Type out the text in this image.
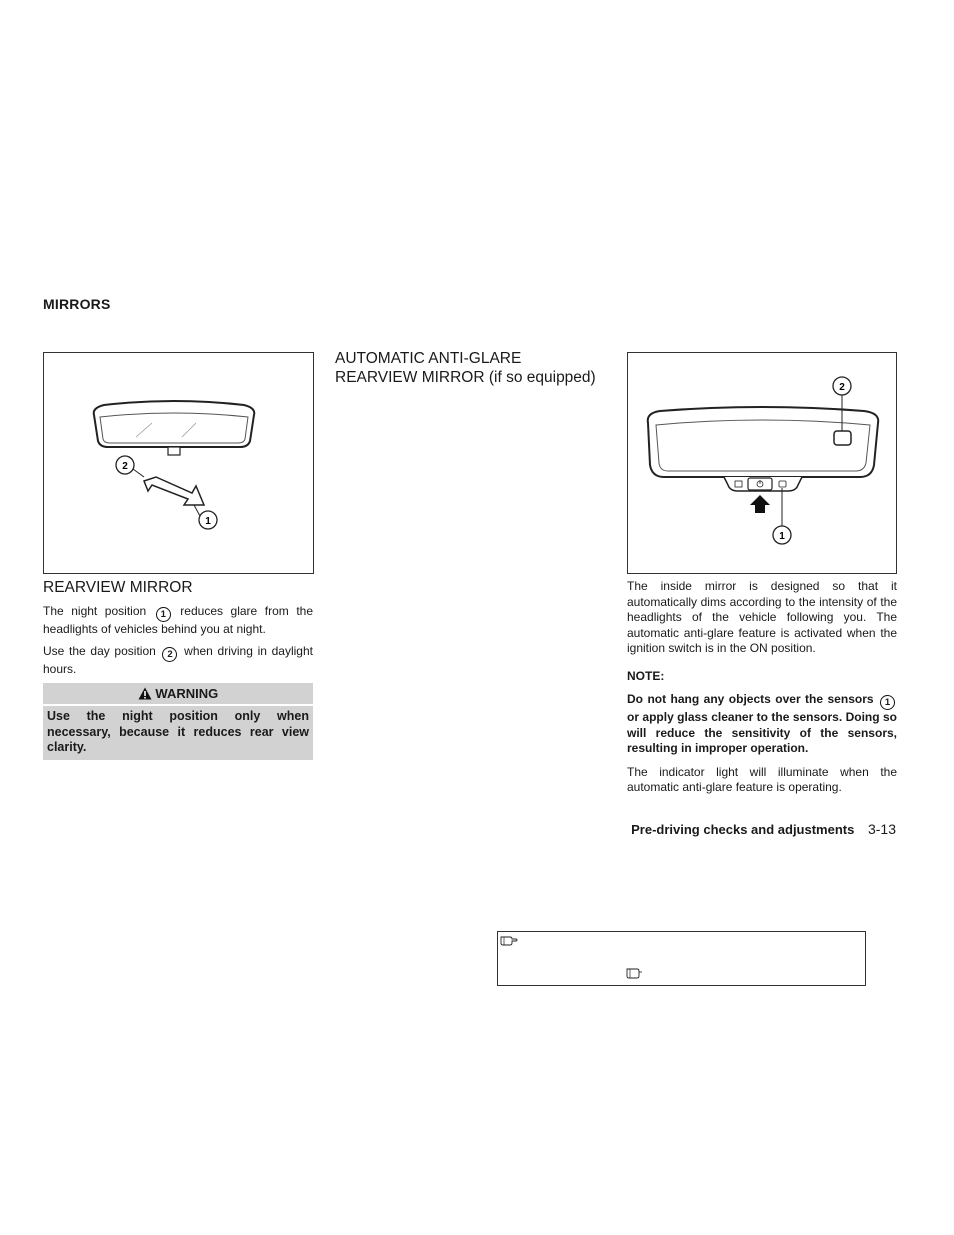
MIRRORS
2
1
REARVIEW MIRROR

The night position 1 reduces glare from the headlights of vehicles behind you at night.

Use the day position 2 when driving in daylight hours.

WARNING
Use the night position only when necessary, because it reduces rear view clarity.
AUTOMATIC ANTI-GLARE
REARVIEW MIRROR (if so equipped)
2
1

The inside mirror is designed so that it automatically dims according to the intensity of the headlights of the vehicle following you. The automatic anti-glare feature is activated when the ignition switch is in the ON position.

NOTE:

Do not hang any objects over the sensors 1 or apply glass cleaner to the sensors. Doing so will reduce the sensitivity of the sensors, resulting in improper operation.

The indicator light will illuminate when the automatic anti-glare feature is operating.

Pre-driving checks and adjustments 3-13
